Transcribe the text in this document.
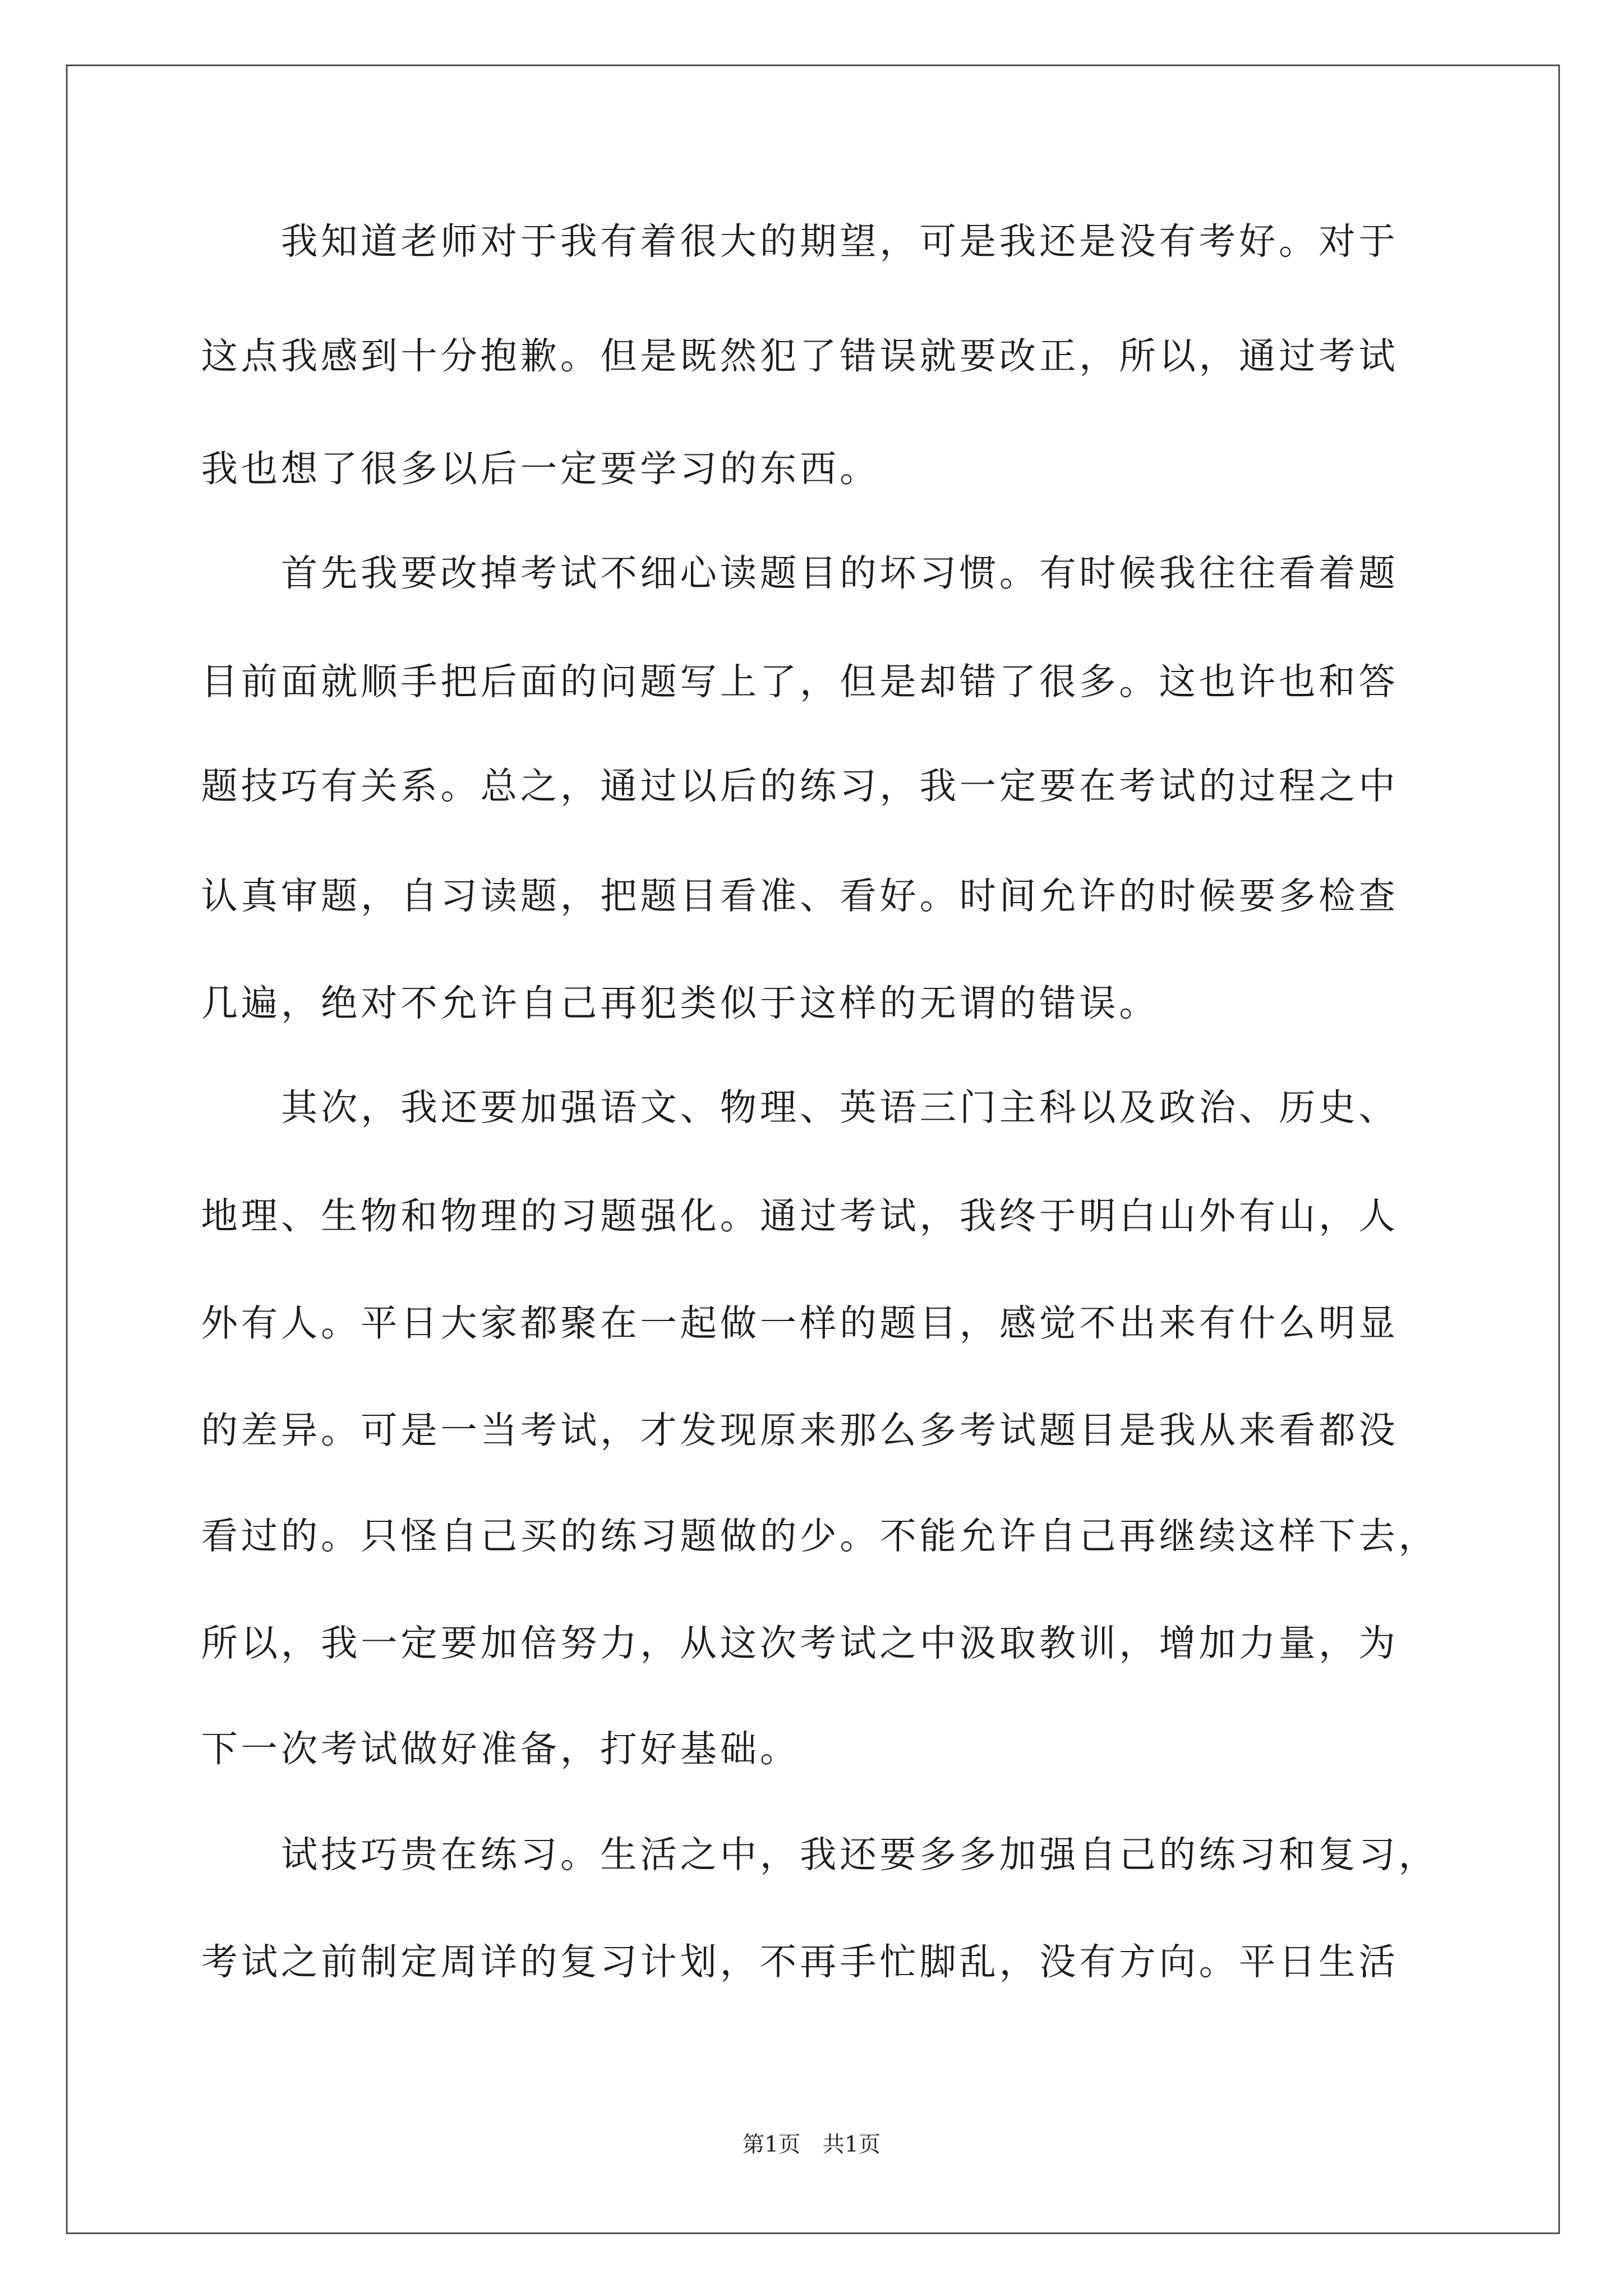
　　我知道老师对于我有着很大的期望，可是我还是没有考好。对于
这点我感到十分抱歉。但是既然犯了错误就要改正，所以，通过考试
我也想了很多以后一定要学习的东西。
　　首先我要改掉考试不细心读题目的坏习惯。有时候我往往看着题
目前面就顺手把后面的问题写上了，但是却错了很多。这也许也和答
题技巧有关系。总之，通过以后的练习，我一定要在考试的过程之中
认真审题，自习读题，把题目看准、看好。时间允许的时候要多检查
几遍，绝对不允许自己再犯类似于这样的无谓的错误。
　　其次，我还要加强语文、物理、英语三门主科以及政治、历史、
地理、生物和物理的习题强化。通过考试，我终于明白山外有山，人
外有人。平日大家都聚在一起做一样的题目，感觉不出来有什么明显
的差异。可是一当考试，才发现原来那么多考试题目是我从来看都没
看过的。只怪自己买的练习题做的少。不能允许自己再继续这样下去，
所以，我一定要加倍努力，从这次考试之中汲取教训，增加力量，为
下一次考试做好准备，打好基础。
　　试技巧贵在练习。生活之中，我还要多多加强自己的练习和复习，
考试之前制定周详的复习计划，不再手忙脚乱，没有方向。平日生活
第1页　共1页
